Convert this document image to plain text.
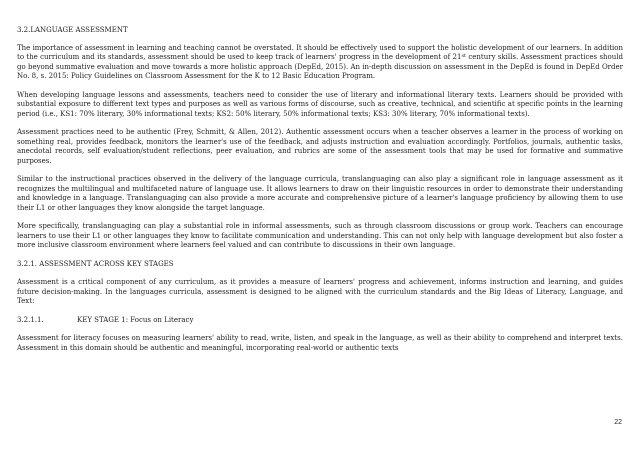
3.2.LANGUAGE ASSESSMENT

The importance of assessment in learning and teaching cannot be overstated. It should be effectively used to support the holistic development of our learners. In addition to the curriculum and its standards, assessment should be used to keep track of learners' progress in the development of 21st century skills. Assessment practices should go beyond summative evaluation and move towards a more holistic approach (DepEd, 2015). An in-depth discussion on assessment in the DepEd is found in DepEd Order No. 8, s. 2015: Policy Guidelines on Classroom Assessment for the K to 12 Basic Education Program.

When developing language lessons and assessments, teachers need to consider the use of literary and informational literary texts. Learners should be provided with substantial exposure to different text types and purposes as well as various forms of discourse, such as creative, technical, and scientific at specific points in the learning period (i.e., KS1: 70% literary, 30% informational texts; KS2: 50% literary, 50% informational texts; KS3: 30% literary, 70% informational texts).

Assessment practices need to be authentic (Frey, Schmitt, & Allen, 2012). Authentic assessment occurs when a teacher observes a learner in the process of working on something real, provides feedback, monitors the learner's use of the feedback, and adjusts instruction and evaluation accordingly. Portfolios, journals, authentic tasks, anecdotal records, self evaluation/student reflections, peer evaluation, and rubrics are some of the assessment tools that may be used for formative and summative purposes.

Similar to the instructional practices observed in the delivery of the language curricula, translanguaging can also play a significant role in language assessment as it recognizes the multilingual and multifaceted nature of language use. It allows learners to draw on their linguistic resources in order to demonstrate their understanding and knowledge in a language. Translanguaging can also provide a more accurate and comprehensive picture of a learner's language proficiency by allowing them to use their L1 or other languages they know alongside the target language.

More specifically, translanguaging can play a substantial role in informal assessments, such as through classroom discussions or group work. Teachers can encourage learners to use their L1 or other languages they know to facilitate communication and understanding. This can not only help with language development but also foster a more inclusive classroom environment where learners feel valued and can contribute to discussions in their own language.

3.2.1. ASSESSMENT ACROSS KEY STAGES

Assessment is a critical component of any curriculum, as it provides a measure of learners' progress and achievement, informs instruction and learning, and guides future decision-making. In the languages curricula, assessment is designed to be aligned with the curriculum standards and the Big Ideas of Literacy, Language, and Text:

3.2.1.1.	KEY STAGE 1: Focus on Literacy

Assessment for literacy focuses on measuring learners' ability to read, write, listen, and speak in the language, as well as their ability to comprehend and interpret texts. Assessment in this domain should be authentic and meaningful, incorporating real-world or authentic texts

22
